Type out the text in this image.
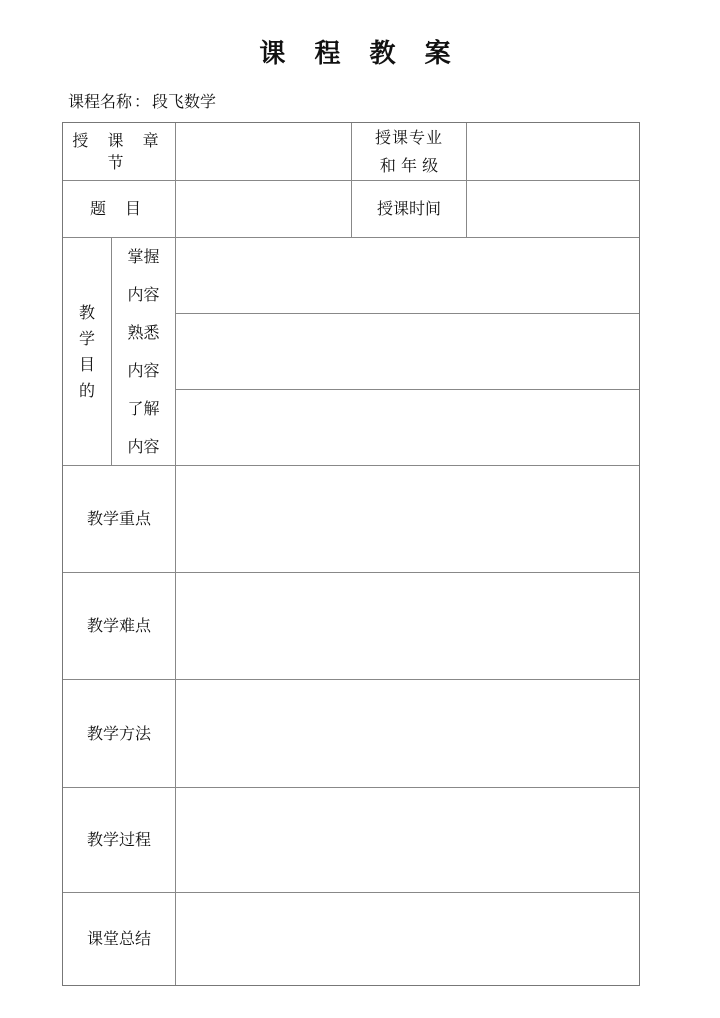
课 程 教 案
课程名称 ： 段飞数学
授 课 章 节
授课专业
和 年 级
题 目	授课时间
教
学
目
的
掌握
内容
熟悉
内容
了解
内容
教学重点
教学难点
教学方法
教学过程
课堂总结
